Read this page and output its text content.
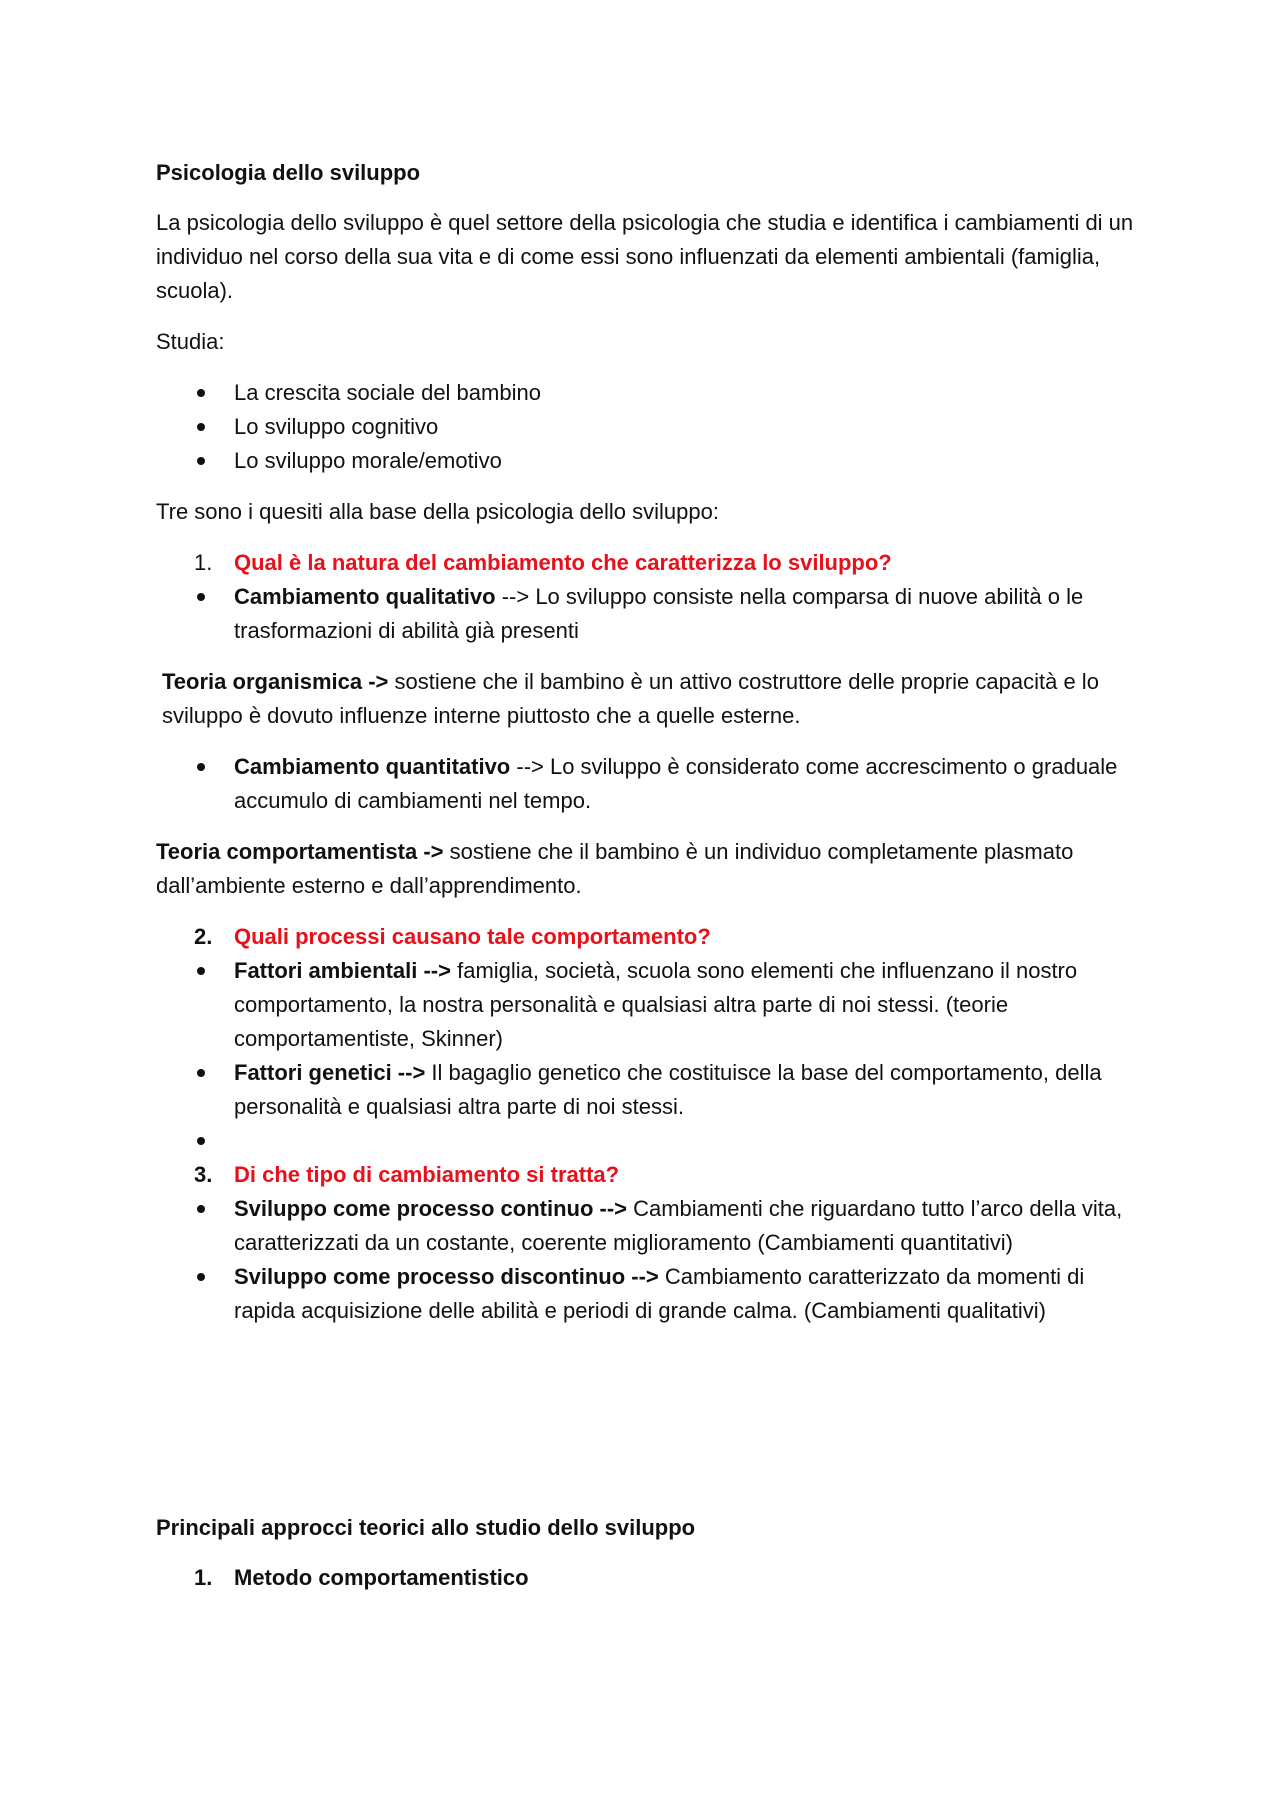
Psicologia dello sviluppo

La psicologia dello sviluppo è quel settore della psicologia che studia e identifica i cambiamenti di un individuo nel corso della sua vita e di come essi sono influenzati da elementi ambientali (famiglia, scuola).

Studia:

La crescita sociale del bambino
Lo sviluppo cognitivo
Lo sviluppo morale/emotivo

Tre sono i quesiti alla base della psicologia dello sviluppo:

1. Qual è la natura del cambiamento che caratterizza lo sviluppo?
Cambiamento qualitativo --> Lo sviluppo consiste nella comparsa di nuove abilità o le trasformazioni di abilità già presenti

Teoria organismica -> sostiene che il bambino è un attivo costruttore delle proprie capacità e lo sviluppo è dovuto influenze interne piuttosto che a quelle esterne.

Cambiamento quantitativo --> Lo sviluppo è considerato come accrescimento o graduale accumulo di cambiamenti nel tempo.

Teoria comportamentista -> sostiene che il bambino è un individuo completamente plasmato dall’ambiente esterno e dall’apprendimento.

2. Quali processi causano tale comportamento?
Fattori ambientali --> famiglia, società, scuola sono elementi che influenzano il nostro comportamento, la nostra personalità e qualsiasi altra parte di noi stessi. (teorie comportamentiste, Skinner)
Fattori genetici --> Il bagaglio genetico che costituisce la base del comportamento, della personalità e qualsiasi altra parte di noi stessi.

3. Di che tipo di cambiamento si tratta?
Sviluppo come processo continuo --> Cambiamenti che riguardano tutto l’arco della vita, caratterizzati da un costante, coerente miglioramento (Cambiamenti quantitativi)
Sviluppo come processo discontinuo --> Cambiamento caratterizzato da momenti di rapida acquisizione delle abilità e periodi di grande calma. (Cambiamenti qualitativi)

Principali approcci teorici allo studio dello sviluppo

1. Metodo comportamentistico
